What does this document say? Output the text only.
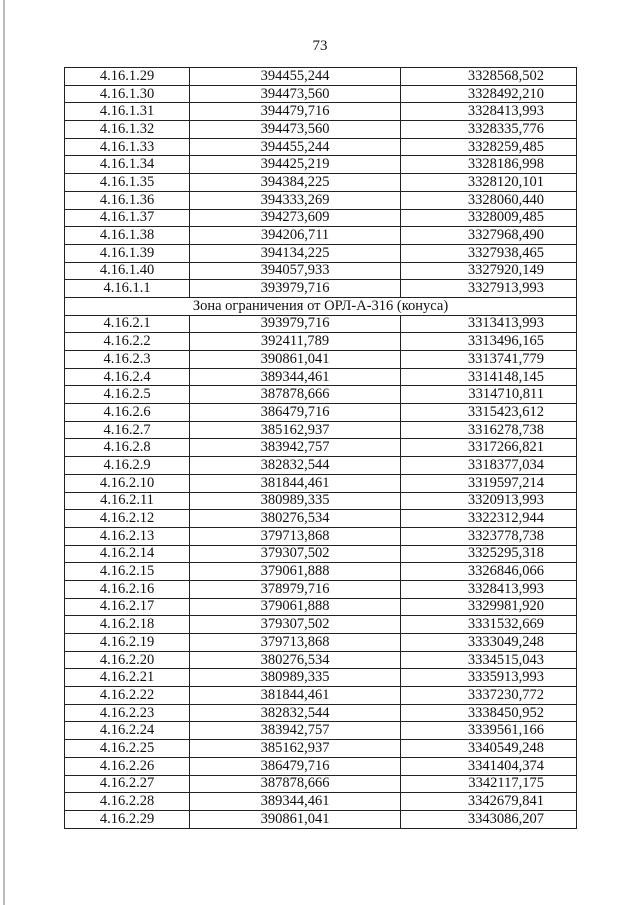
73
4.16.1.29	394455,244	3328568,502
4.16.1.30	394473,560	3328492,210
4.16.1.31	394479,716	3328413,993
4.16.1.32	394473,560	3328335,776
4.16.1.33	394455,244	3328259,485
4.16.1.34	394425,219	3328186,998
4.16.1.35	394384,225	3328120,101
4.16.1.36	394333,269	3328060,440
4.16.1.37	394273,609	3328009,485
4.16.1.38	394206,711	3327968,490
4.16.1.39	394134,225	3327938,465
4.16.1.40	394057,933	3327920,149
4.16.1.1	393979,716	3327913,993
Зона ограничения от ОРЛ-А-316 (конуса)		
4.16.2.1	393979,716	3313413,993
4.16.2.2	392411,789	3313496,165
4.16.2.3	390861,041	3313741,779
4.16.2.4	389344,461	3314148,145
4.16.2.5	387878,666	3314710,811
4.16.2.6	386479,716	3315423,612
4.16.2.7	385162,937	3316278,738
4.16.2.8	383942,757	3317266,821
4.16.2.9	382832,544	3318377,034
4.16.2.10	381844,461	3319597,214
4.16.2.11	380989,335	3320913,993
4.16.2.12	380276,534	3322312,944
4.16.2.13	379713,868	3323778,738
4.16.2.14	379307,502	3325295,318
4.16.2.15	379061,888	3326846,066
4.16.2.16	378979,716	3328413,993
4.16.2.17	379061,888	3329981,920
4.16.2.18	379307,502	3331532,669
4.16.2.19	379713,868	3333049,248
4.16.2.20	380276,534	3334515,043
4.16.2.21	380989,335	3335913,993
4.16.2.22	381844,461	3337230,772
4.16.2.23	382832,544	3338450,952
4.16.2.24	383942,757	3339561,166
4.16.2.25	385162,937	3340549,248
4.16.2.26	386479,716	3341404,374
4.16.2.27	387878,666	3342117,175
4.16.2.28	389344,461	3342679,841
4.16.2.29	390861,041	3343086,207
